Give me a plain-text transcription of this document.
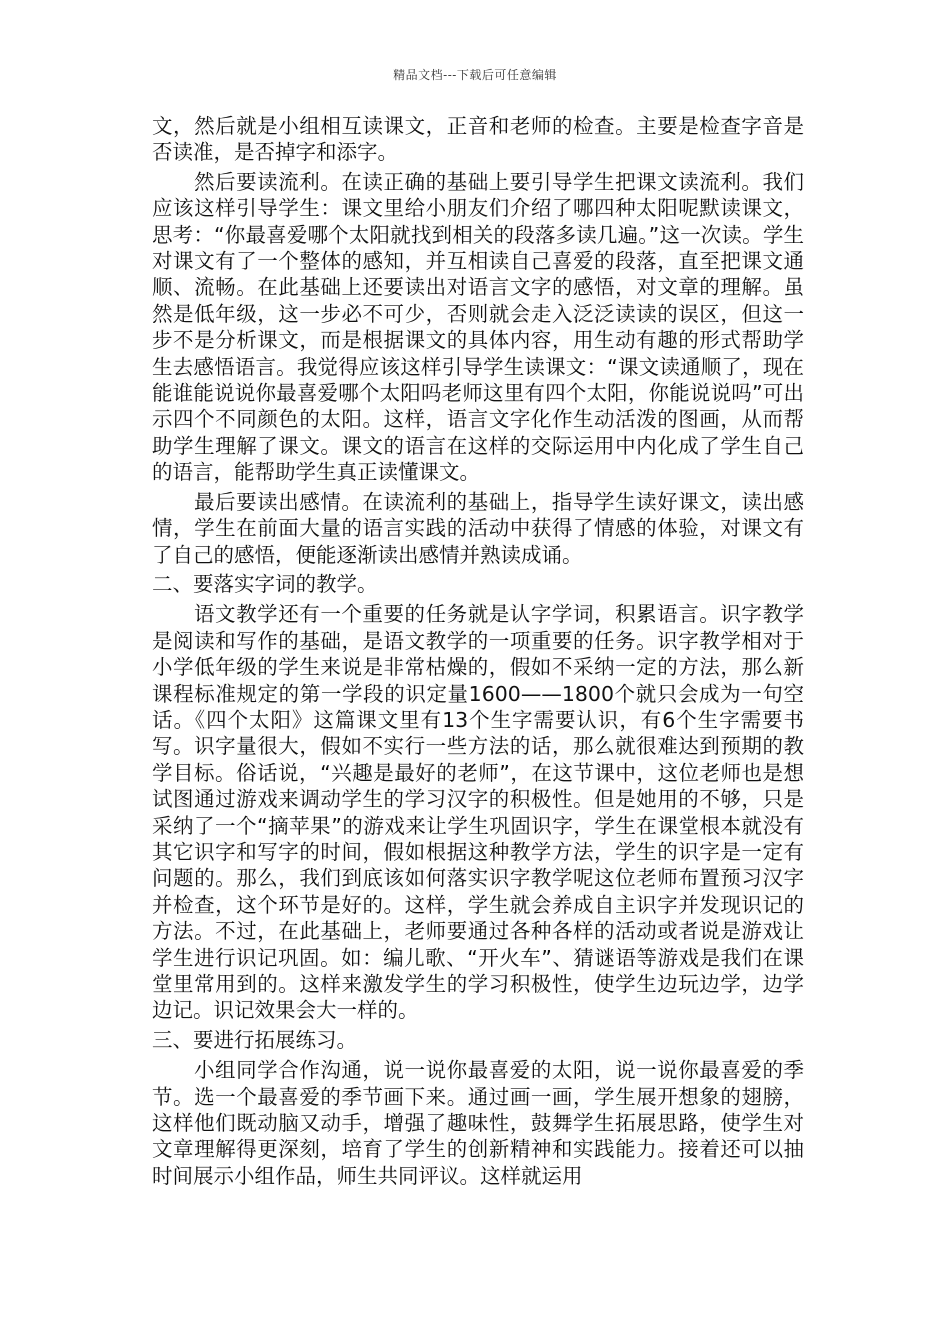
精品文档---下载后可任意编辑

文，然后就是小组相互读课文，正音和老师的检查。主要是检查字音是否读准，是否掉字和添字。

然后要读流利。在读正确的基础上要引导学生把课文读流利。我们应该这样引导学生：课文里给小朋友们介绍了哪四种太阳呢默读课文，思考：“你最喜爱哪个太阳就找到相关的段落多读几遍。”这一次读。学生对课文有了一个整体的感知，并互相读自己喜爱的段落，直至把课文通顺、流畅。在此基础上还要读出对语言文字的感悟，对文章的理解。虽然是低年级，这一步必不可少，否则就会走入泛泛读读的误区，但这一步不是分析课文，而是根据课文的具体内容，用生动有趣的形式帮助学生去感悟语言。我觉得应该这样引导学生读课文：“课文读通顺了，现在能谁能说说你最喜爱哪个太阳吗老师这里有四个太阳，你能说说吗”可出示四个不同颜色的太阳。这样，语言文字化作生动活泼的图画，从而帮助学生理解了课文。课文的语言在这样的交际运用中内化成了学生自己的语言，能帮助学生真正读懂课文。

最后要读出感情。在读流利的基础上，指导学生读好课文，读出感情，学生在前面大量的语言实践的活动中获得了情感的体验，对课文有了自己的感悟，便能逐渐读出感情并熟读成诵。

二、要落实字词的教学。

语文教学还有一个重要的任务就是认字学词，积累语言。识字教学是阅读和写作的基础，是语文教学的一项重要的任务。识字教学相对于小学低年级的学生来说是非常枯燥的，假如不采纳一定的方法，那么新课程标准规定的第一学段的识定量1600——1800个就只会成为一句空话。《四个太阳》这篇课文里有13个生字需要认识，有6个生字需要书写。识字量很大，假如不实行一些方法的话，那么就很难达到预期的教学目标。俗话说，“兴趣是最好的老师”，在这节课中，这位老师也是想试图通过游戏来调动学生的学习汉字的积极性。但是她用的不够，只是采纳了一个“摘苹果”的游戏来让学生巩固识字，学生在课堂根本就没有其它识字和写字的时间，假如根据这种教学方法，学生的识字是一定有问题的。那么，我们到底该如何落实识字教学呢这位老师布置预习汉字并检查，这个环节是好的。这样，学生就会养成自主识字并发现识记的方法。不过，在此基础上，老师要通过各种各样的活动或者说是游戏让学生进行识记巩固。如：编儿歌、“开火车”、猜谜语等游戏是我们在课堂里常用到的。这样来激发学生的学习积极性，使学生边玩边学，边学边记。识记效果会大一样的。

三、要进行拓展练习。

小组同学合作沟通，说一说你最喜爱的太阳，说一说你最喜爱的季节。选一个最喜爱的季节画下来。通过画一画，学生展开想象的翅膀，这样他们既动脑又动手，增强了趣味性，鼓舞学生拓展思路，使学生对文章理解得更深刻，培育了学生的创新精神和实践能力。接着还可以抽时间展示小组作品，师生共同评议。这样就运用
